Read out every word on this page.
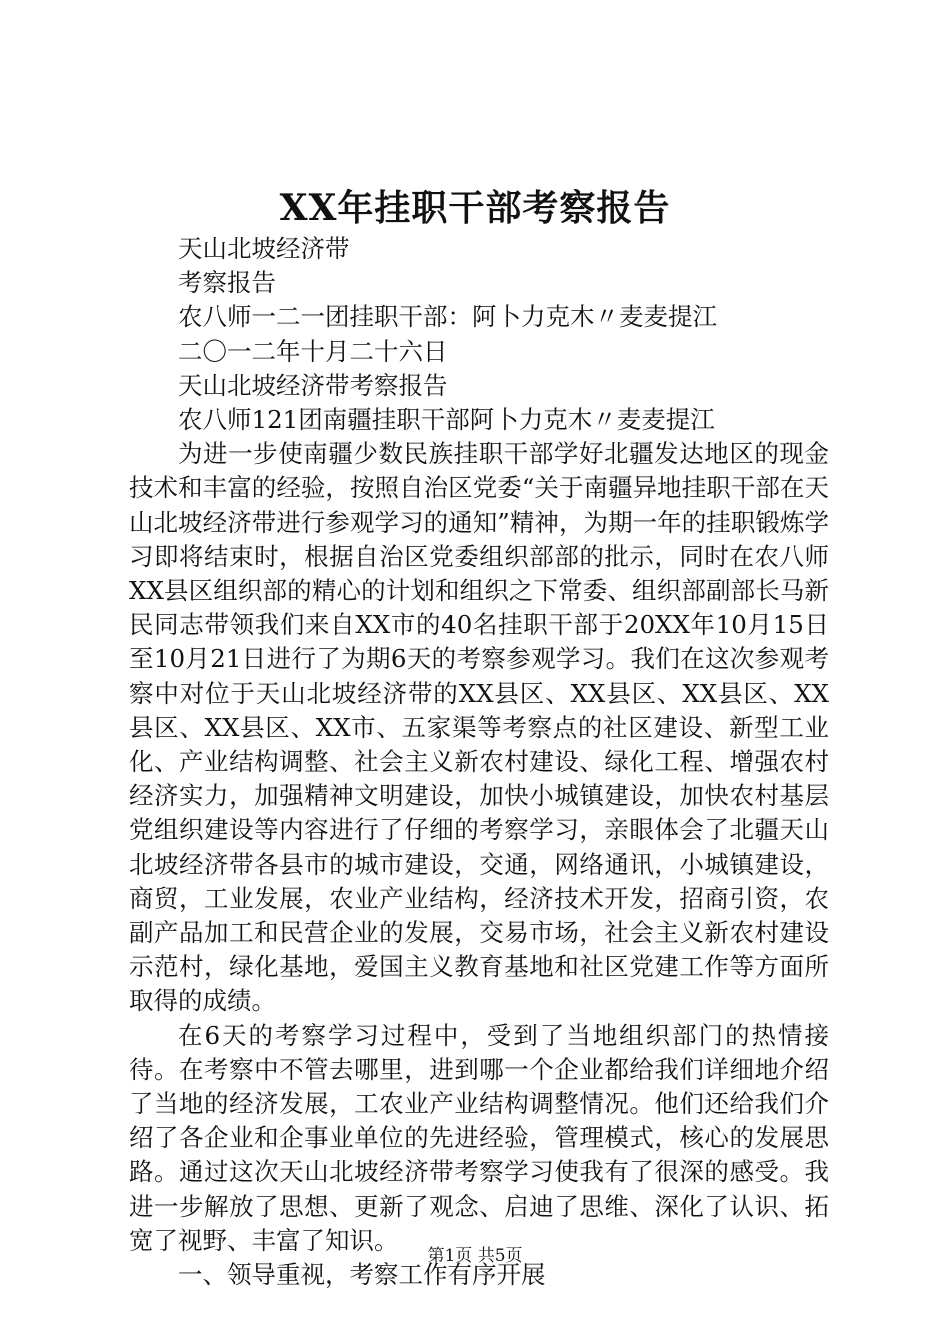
XX年挂职干部考察报告

天山北坡经济带

考察报告

农八师一二一团挂职干部：阿卜力克木〃麦麦提江

二〇一二年十月二十六日

天山北坡经济带考察报告

农八师121团南疆挂职干部阿卜力克木〃麦麦提江

为进一步使南疆少数民族挂职干部学好北疆发达地区的现金技术和丰富的经验，按照自治区党委“关于南疆异地挂职干部在天山北坡经济带进行参观学习的通知”精神，为期一年的挂职锻炼学习即将结束时，根据自治区党委组织部部的批示，同时在农八师XX县区组织部的精心的计划和组织之下常委、组织部副部长马新民同志带领我们来自XX市的40名挂职干部于20XX年10月15日至10月21日进行了为期6天的考察参观学习。我们在这次参观考察中对位于天山北坡经济带的XX县区、XX县区、XX县区、XX县区、XX县区、XX市、五家渠等考察点的社区建设、新型工业化、产业结构调整、社会主义新农村建设、绿化工程、增强农村经济实力，加强精神文明建设，加快小城镇建设，加快农村基层党组织建设等内容进行了仔细的考察学习，亲眼体会了北疆天山北坡经济带各县市的城市建设，交通，网络通讯，小城镇建设，商贸，工业发展，农业产业结构，经济技术开发，招商引资，农副产品加工和民营企业的发展，交易市场，社会主义新农村建设示范村，绿化基地，爱国主义教育基地和社区党建工作等方面所取得的成绩。

在6天的考察学习过程中，受到了当地组织部门的热情接待。在考察中不管去哪里，进到哪一个企业都给我们详细地介绍了当地的经济发展，工农业产业结构调整情况。他们还给我们介绍了各企业和企事业单位的先进经验，管理模式，核心的发展思路。通过这次天山北坡经济带考察学习使我有了很深的感受。我进一步解放了思想、更新了观念、启迪了思维、深化了认识、拓宽了视野、丰富了知识。

一、领导重视，考察工作有序开展

第1页 共5页
